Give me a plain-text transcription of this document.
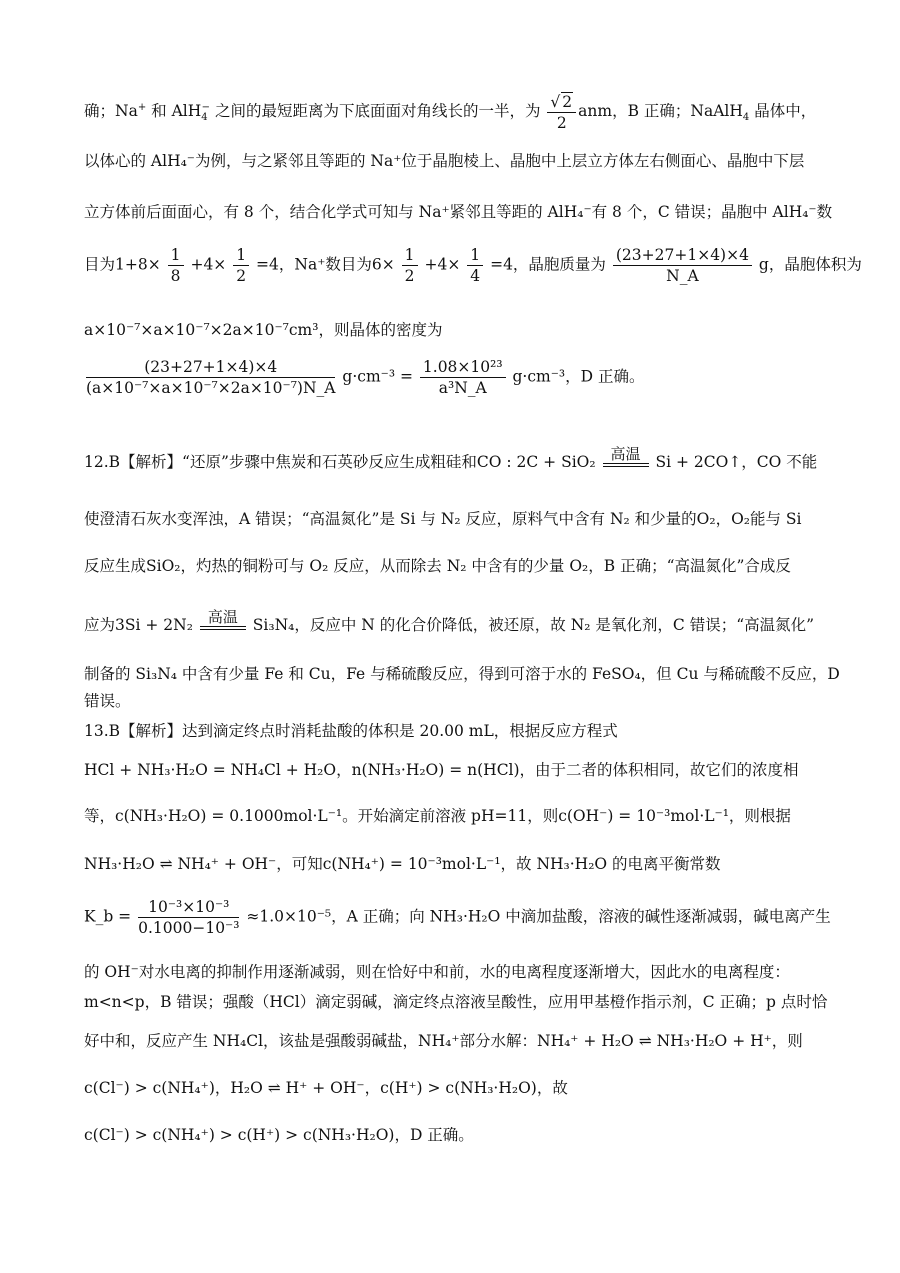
确；Na+ 和 AlH$_4$− 之间的最短距离为下底面面对角线长的一半，为 $\frac{√ 2}{2}$ anm，B 正确；NaAlH$_4$ 晶体中，
以体心的 AlH₄⁻为例，与之紧邻且等距的 Na⁺位于晶胞棱上、晶胞中上层立方体左右侧面心、晶胞中下层
立方体前后面面心，有 8 个，结合化学式可知与 Na⁺紧邻且等距的 AlH₄⁻有 8 个，C 错误；晶胞中 AlH₄⁻数
目为$1+8\times \frac{1}{8} +4\times \frac{1}{2} =4$，Na⁺数目为$6\times \frac{1}{2} +4\times \frac{1}{4} =4$，晶胞质量为 $\frac{(23+27+1\times 4)\times 4}{N\_A}$ g，晶胞体积为
a×10⁻⁷×a×10⁻⁷×2a×10⁻⁷cm³，则晶体的密度为
$\frac{(23+27+1\times 4)\times 4}{\text{(a×10⁻⁷×a×10⁻⁷×2a×10⁻⁷)N\_A}} g\cdot cm^{-3} = \frac{\text{1.08×10²³}}{\text{a³N\_A}} g\cdot cm^{-3}$，D 正确。
12.B【解析】“还原”步骤中焦炭和石英砂反应生成粗硅和CO : 2C + SiO₂ 高温 Si + 2CO↑，CO 不能
使澄清石灰水变浑浊，A 错误；“高温氮化”是 Si 与 N₂ 反应，原料气中含有 N₂ 和少量的O₂，O₂能与 Si
反应生成SiO₂，灼热的铜粉可与 O₂ 反应，从而除去 N₂ 中含有的少量 O₂，B 正确；“高温氮化”合成反
应为3Si + 2N₂ 高温 Si₃N₄，反应中 N 的化合价降低，被还原，故 N₂ 是氧化剂，C 错误；“高温氮化”
制备的 Si₃N₄ 中含有少量 Fe 和 Cu，Fe 与稀硫酸反应，得到可溶于水的 FeSO₄，但 Cu 与稀硫酸不反应，D
错误。
13.B【解析】达到滴定终点时消耗盐酸的体积是 20.00 mL，根据反应方程式
HCl + NH₃·H₂O = NH₄Cl + H₂O，n(NH₃·H₂O) = n(HCl)，由于二者的体积相同，故它们的浓度相
等，c(NH₃·H₂O) = 0.1000mol·L⁻¹。开始滴定前溶液 pH=11，则c(OH⁻) = 10⁻³mol·L⁻¹，则根据
NH₃·H₂O ⇌ NH₄⁺ + OH⁻，可知c(NH₄⁺) = 10⁻³mol·L⁻¹，故 NH₃·H₂O 的电离平衡常数
K_b = $\frac{\text{10⁻³×10⁻³}}{\text{0.1000−10⁻³}} \approx 1.0\times 10^{-5}$，A 正确；向 NH₃·H₂O 中滴加盐酸，溶液的碱性逐渐减弱，碱电离产生
的 OH⁻对水电离的抑制作用逐渐减弱，则在恰好中和前，水的电离程度逐渐增大，因此水的电离程度：
m<n<p，B 错误；强酸（HCl）滴定弱碱，滴定终点溶液呈酸性，应用甲基橙作指示剂，C 正确；p 点时恰
好中和，反应产生 NH₄Cl，该盐是强酸弱碱盐，NH₄⁺部分水解：NH₄⁺ + H₂O ⇌ NH₃·H₂O + H⁺，则
c(Cl⁻) > c(NH₄⁺)，H₂O ⇌ H⁺ + OH⁻，c(H⁺) > c(NH₃·H₂O)，故
c(Cl⁻) > c(NH₄⁺) > c(H⁺) > c(NH₃·H₂O)，D 正确。
